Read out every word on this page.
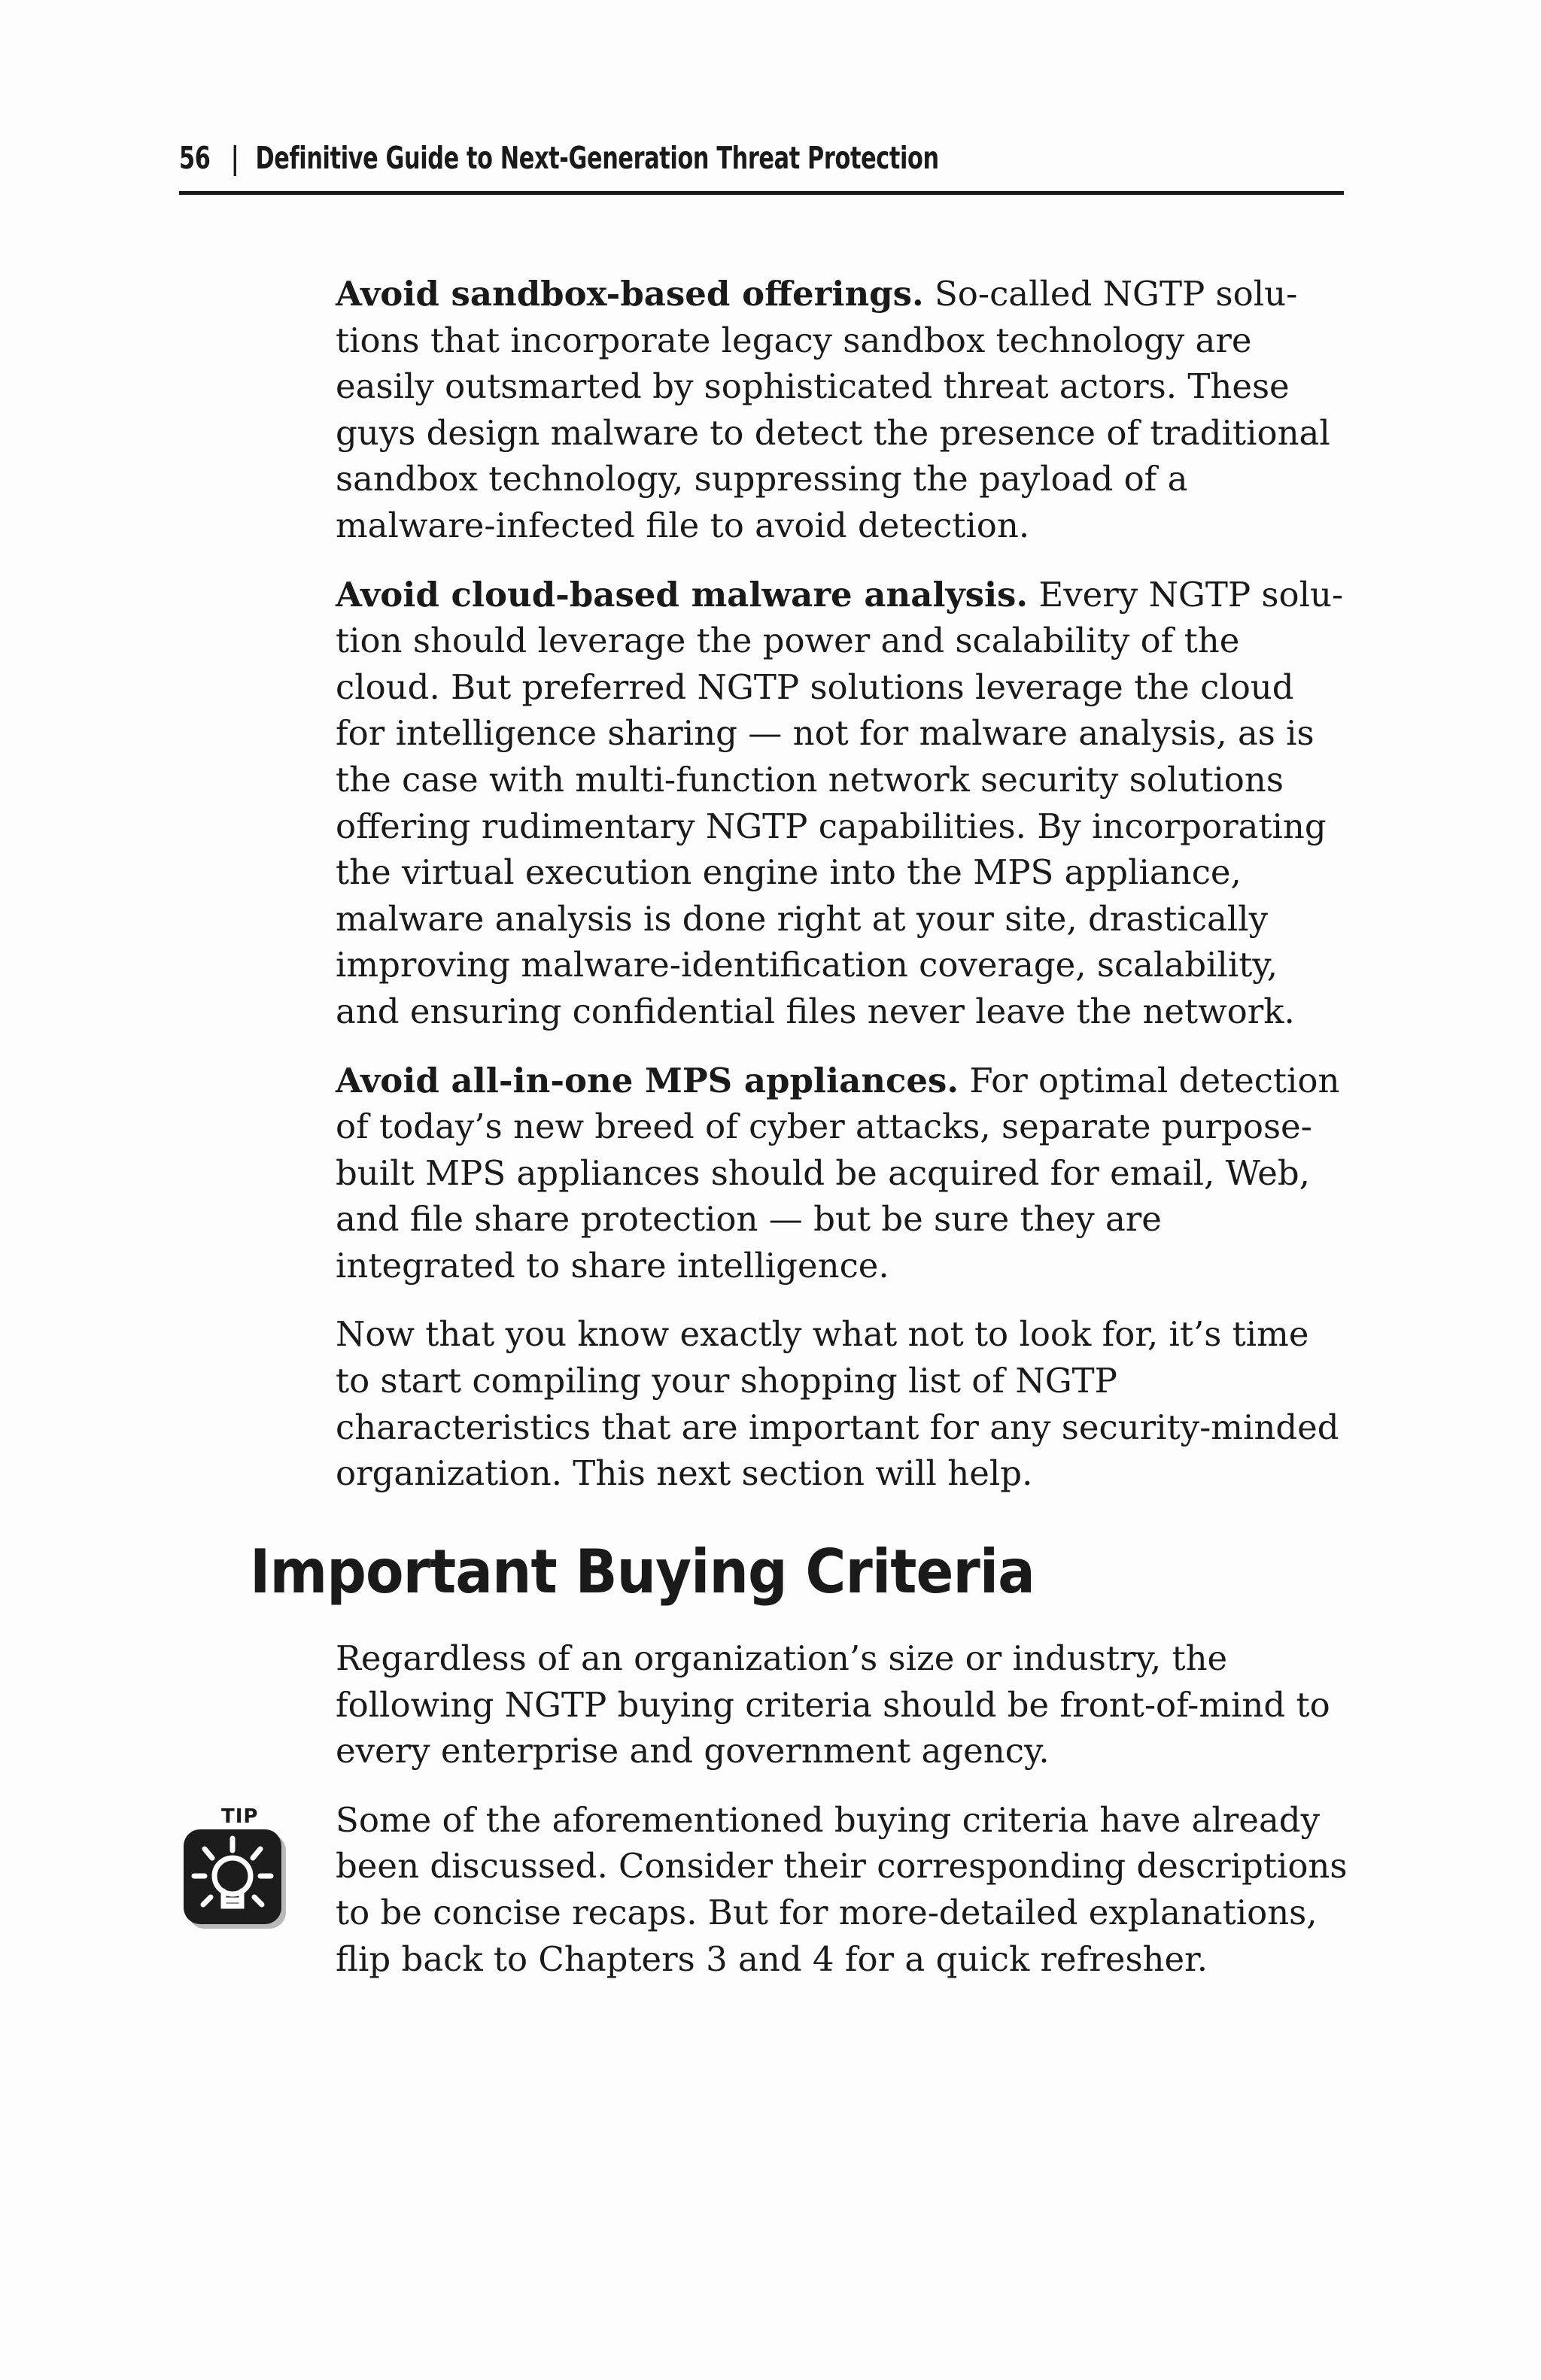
56 | Definitive Guide to Next-Generation Threat Protection

Avoid sandbox-based offerings. So-called NGTP solutions that incorporate legacy sandbox technology are easily outsmarted by sophisticated threat actors. These guys design malware to detect the presence of traditional sandbox technology, suppressing the payload of a malware-infected file to avoid detection.

Avoid cloud-based malware analysis. Every NGTP solution should leverage the power and scalability of the cloud. But preferred NGTP solutions leverage the cloud for intelligence sharing — not for malware analysis, as is the case with multi-function network security solutions offering rudimentary NGTP capabilities. By incorporating the virtual execution engine into the MPS appliance, malware analysis is done right at your site, drastically improving malware-identification coverage, scalability, and ensuring confidential files never leave the network.

Avoid all-in-one MPS appliances. For optimal detection of today’s new breed of cyber attacks, separate purpose-built MPS appliances should be acquired for email, Web, and file share protection — but be sure they are integrated to share intelligence.

Now that you know exactly what not to look for, it’s time to start compiling your shopping list of NGTP characteristics that are important for any security-minded organization. This next section will help.

Important Buying Criteria

Regardless of an organization’s size or industry, the following NGTP buying criteria should be front-of-mind to every enterprise and government agency.

Some of the aforementioned buying criteria have already been discussed. Consider their corresponding descriptions to be concise recaps. But for more-detailed explanations, flip back to Chapters 3 and 4 for a quick refresher.

TIP
